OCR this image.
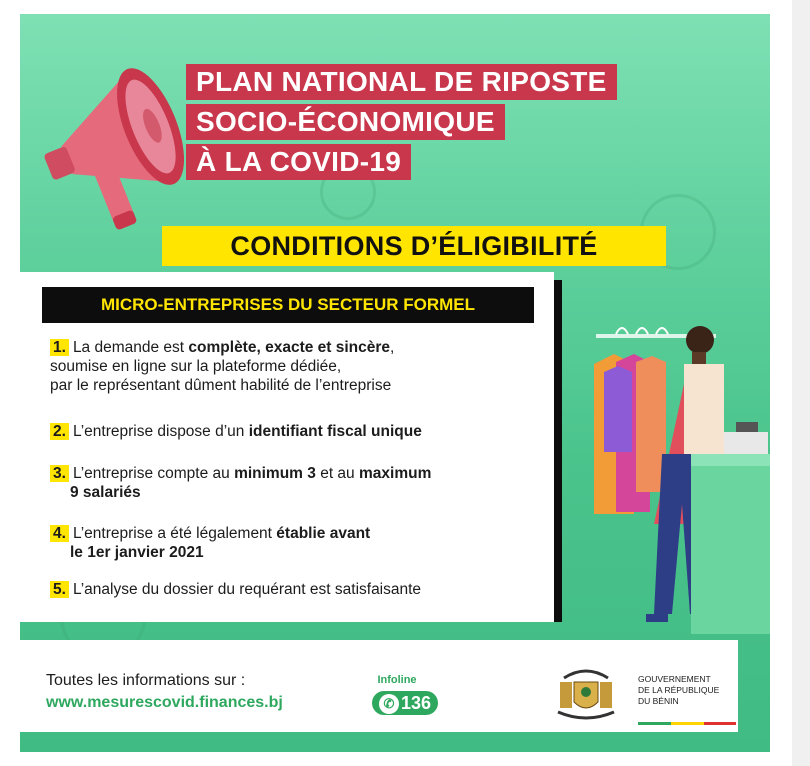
PLAN NATIONAL DE RIPOSTE
SOCIO-ÉCONOMIQUE
À LA COVID-19
CONDITIONS D’ÉLIGIBILITÉ
MICRO-ENTREPRISES DU SECTEUR FORMEL
1. La demande est complète, exacte et sincère,
soumise en ligne sur la plateforme dédiée,
par le représentant dûment habilité de l’entreprise
2. L’entreprise dispose d’un identifiant fiscal unique
3. L’entreprise compte au minimum 3 et au maximum
9 salariés
4. L’entreprise a été légalement établie avant
le 1er janvier 2021
5. L’analyse du dossier du requérant est satisfaisante
Toutes les informations sur :
www.mesurescovid.finances.bj
Infoline
✆ 136
GOUVERNEMENT
DE LA RÉPUBLIQUE
DU BÉNIN
